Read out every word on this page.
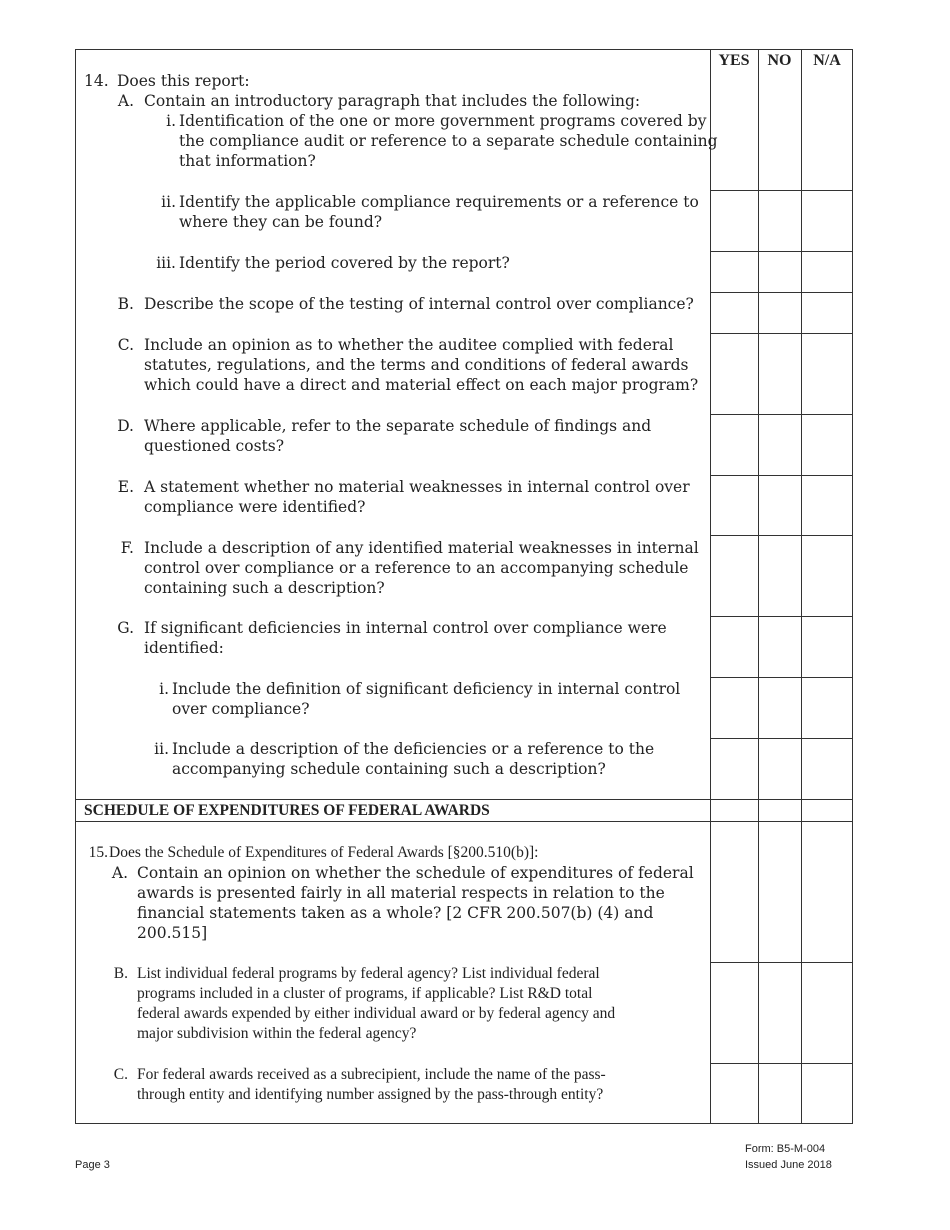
YES	NO	N/A
14. Does this report:

A. Contain an introductory paragraph that includes the following:

i. Identification of the one or more government programs covered by
the compliance audit or reference to a separate schedule containing
that information?
ii. Identify the applicable compliance requirements or a reference to
where they can be found?
iii. Identify the period covered by the report?
B. Describe the scope of the testing of internal control over compliance?
C. Include an opinion as to whether the auditee complied with federal
statutes, regulations, and the terms and conditions of federal awards
which could have a direct and material effect on each major program?
D. Where applicable, refer to the separate schedule of findings and
questioned costs?
E. A statement whether no material weaknesses in internal control over
compliance were identified?
F. Include a description of any identified material weaknesses in internal
control over compliance or a reference to an accompanying schedule
containing such a description?
G. If significant deficiencies in internal control over compliance were
identified:
i. Include the definition of significant deficiency in internal control
over compliance?
ii. Include a description of the deficiencies or a reference to the
accompanying schedule containing such a description?
SCHEDULE OF EXPENDITURES OF FEDERAL AWARDS
15. Does the Schedule of Expenditures of Federal Awards [§200.510(b)]:

A. Contain an opinion on whether the schedule of expenditures of federal
awards is presented fairly in all material respects in relation to the
financial statements taken as a whole? [2 CFR 200.507(b) (4) and
200.515]
B. List individual federal programs by federal agency? List individual federal
programs included in a cluster of programs, if applicable? List R&D total
federal awards expended by either individual award or by federal agency and
major subdivision within the federal agency?
C. For federal awards received as a subrecipient, include the name of the pass-
through entity and identifying number assigned by the pass-through entity?
Page 3
Form: B5-M-004
Issued June 2018
